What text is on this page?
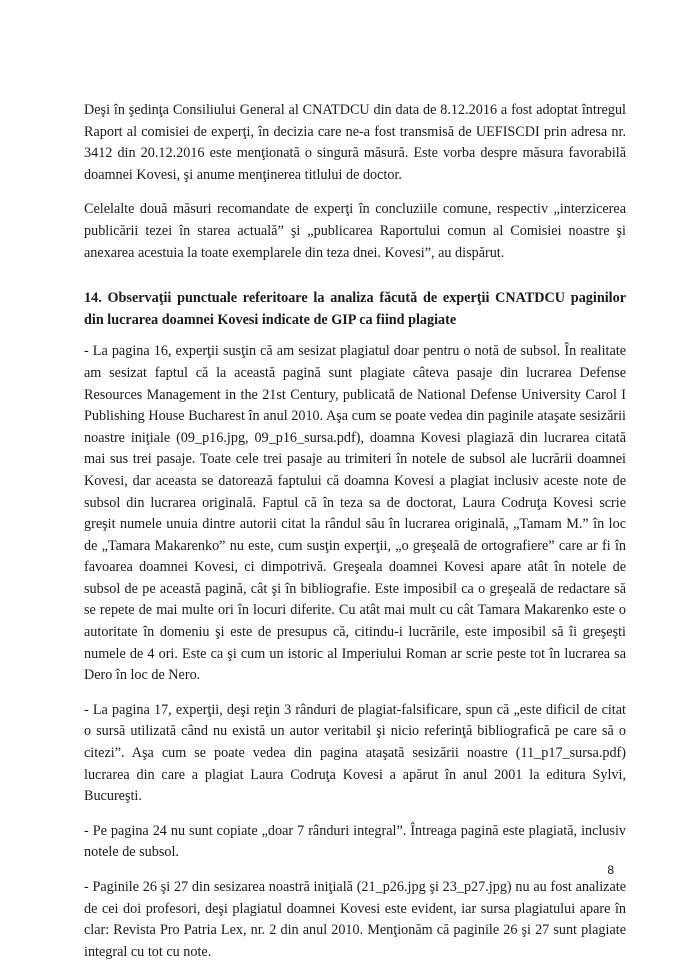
Deşi în şedinţa Consiliului General al CNATDCU din data de 8.12.2016 a fost adoptat întregul Raport al comisiei de experţi, în decizia care ne-a fost transmisă de UEFISCDI prin adresa nr. 3412 din 20.12.2016 este menţionată o singură măsură. Este vorba despre măsura favorabilă doamnei Kovesi, şi anume menţinerea titlului de doctor.

Celelalte două măsuri recomandate de experţi în concluziile comune, respectiv „interzicerea publicării tezei în starea actuală” şi „publicarea Raportului comun al Comisiei noastre şi anexarea acestuia la toate exemplarele din teza dnei. Kovesi”, au dispărut.

14. Observaţii punctuale referitoare la analiza făcută de experţii CNATDCU paginilor din lucrarea doamnei Kovesi indicate de GIP ca fiind plagiate

- La pagina 16, experţii susţin că am sesizat plagiatul doar pentru o notă de subsol. În realitate am sesizat faptul că la această pagină sunt plagiate câteva pasaje din lucrarea Defense Resources Management in the 21st Century, publicată de National Defense University Carol I Publishing House Bucharest în anul 2010. Aşa cum se poate vedea din paginile ataşate sesizării noastre iniţiale (09_p16.jpg, 09_p16_sursa.pdf), doamna Kovesi plagiază din lucrarea citată mai sus trei pasaje. Toate cele trei pasaje au trimiteri în notele de subsol ale lucrării doamnei Kovesi, dar aceasta se datorează faptului că doamna Kovesi a plagiat inclusiv aceste note de subsol din lucrarea originală. Faptul că în teza sa de doctorat, Laura Codruţa Kovesi scrie greşit numele unuia dintre autorii citat la rândul său în lucrarea originală, „Tamam M.” în loc de „Tamara Makarenko” nu este, cum susţin experţii, „o greşeală de ortografiere” care ar fi în favoarea doamnei Kovesi, ci dimpotrivă. Greşeala doamnei Kovesi apare atât în notele de subsol de pe această pagină, cât şi în bibliografie. Este imposibil ca o greşeală de redactare să se repete de mai multe ori în locuri diferite. Cu atât mai mult cu cât Tamara Makarenko este o autoritate în domeniu şi este de presupus că, citindu-i lucrările, este imposibil să îi greşeşti numele de 4 ori. Este ca şi cum un istoric al Imperiului Roman ar scrie peste tot în lucrarea sa Dero în loc de Nero.

- La pagina 17, experţii, deşi reţin 3 rânduri de plagiat-falsificare, spun că „este dificil de citat o sursă utilizată când nu există un autor veritabil şi nicio referinţă bibliografică pe care să o citezi”. Aşa cum se poate vedea din pagina ataşată sesizării noastre (11_p17_sursa.pdf) lucrarea din care a plagiat Laura Codruţa Kovesi a apărut în anul 2001 la editura Sylvi, Bucureşti.

- Pe pagina 24 nu sunt copiate „doar 7 rânduri integral”. Întreaga pagină este plagiată, inclusiv notele de subsol.

- Paginile 26 şi 27 din sesizarea noastră iniţială (21_p26.jpg şi 23_p27.jpg) nu au fost analizate de cei doi profesori, deşi plagiatul doamnei Kovesi este evident, iar sursa plagiatului apare în clar: Revista Pro Patria Lex, nr. 2 din anul 2010. Menţionăm că paginile 26 şi 27 sunt plagiate integral cu tot cu note.

8
